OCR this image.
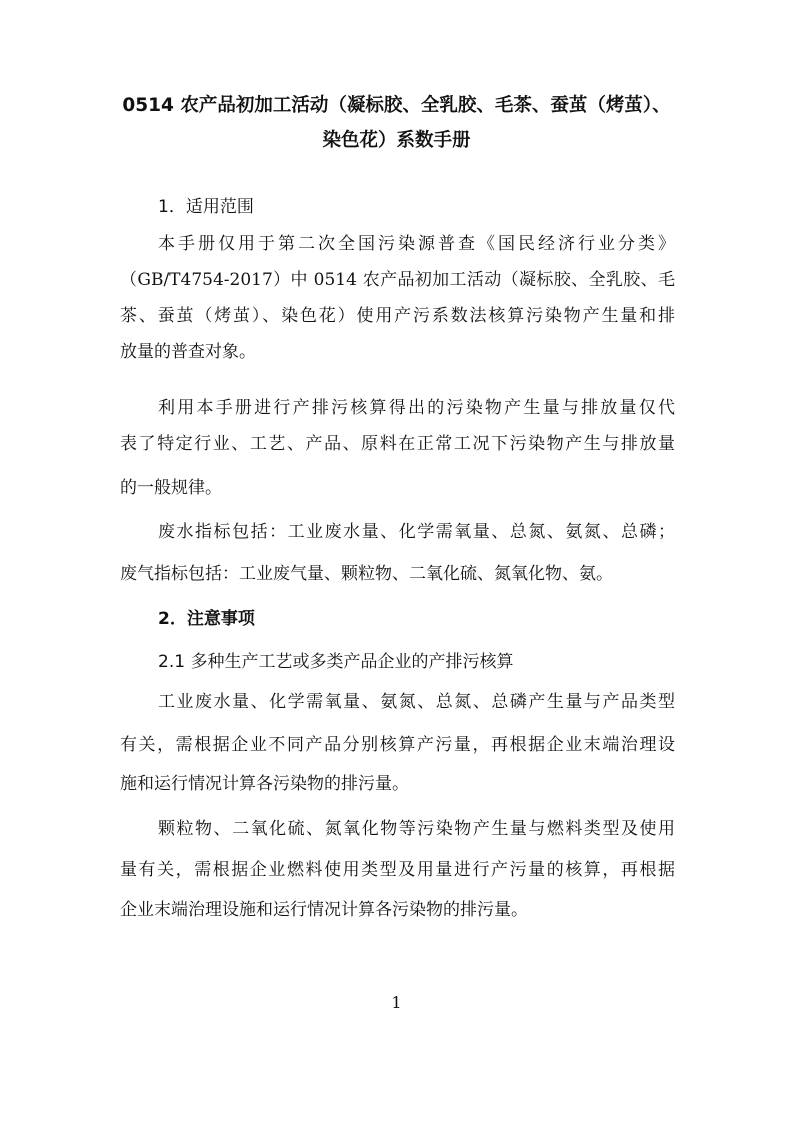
0514 农产品初加工活动（凝标胶、全乳胶、毛茶、蚕茧（烤茧）、

染色花）系数手册

1．适用范围

本手册仅用于第二次全国污染源普查《国民经济行业分类》

（GB/T4754-2017）中 0514 农产品初加工活动（凝标胶、全乳胶、毛

茶、蚕茧（烤茧）、染色花）使用产污系数法核算污染物产生量和排

放量的普查对象。

利用本手册进行产排污核算得出的污染物产生量与排放量仅代

表了特定行业、工艺、产品、原料在正常工况下污染物产生与排放量

的一般规律。

废水指标包括：工业废水量、化学需氧量、总氮、氨氮、总磷；

废气指标包括：工业废气量、颗粒物、二氧化硫、氮氧化物、氨。

2．注意事项

2.1 多种生产工艺或多类产品企业的产排污核算

工业废水量、化学需氧量、氨氮、总氮、总磷产生量与产品类型

有关，需根据企业不同产品分别核算产污量，再根据企业末端治理设

施和运行情况计算各污染物的排污量。

颗粒物、二氧化硫、氮氧化物等污染物产生量与燃料类型及使用

量有关，需根据企业燃料使用类型及用量进行产污量的核算，再根据

企业末端治理设施和运行情况计算各污染物的排污量。

1
